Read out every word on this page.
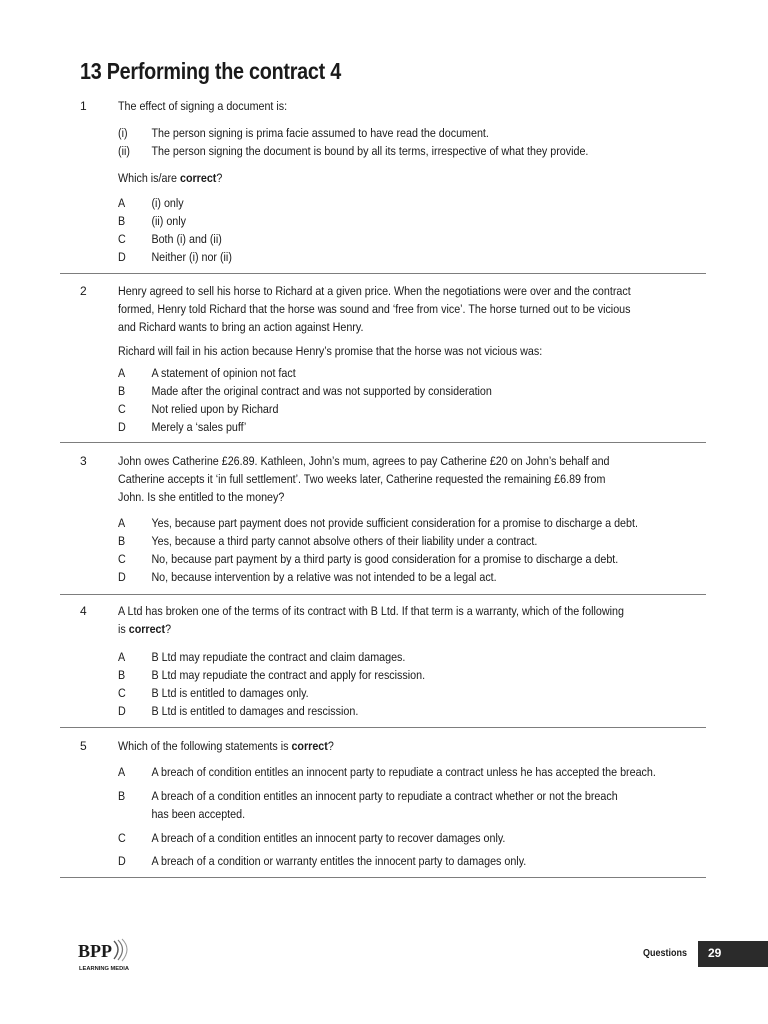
13 Performing the contract 4
1	The effect of signing a document is:
(i) The person signing is prima facie assumed to have read the document.
(ii) The person signing the document is bound by all its terms, irrespective of what they provide.
Which is/are correct?
A (i) only
B (ii) only
C Both (i) and (ii)
D Neither (i) nor (ii)
2	Henry agreed to sell his horse to Richard at a given price. When the negotiations were over and the contract
formed, Henry told Richard that the horse was sound and ‘free from vice’. The horse turned out to be vicious
and Richard wants to bring an action against Henry.
Richard will fail in his action because Henry’s promise that the horse was not vicious was:
A A statement of opinion not fact
B Made after the original contract and was not supported by consideration
C Not relied upon by Richard
D Merely a ‘sales puff’
3	John owes Catherine £26.89. Kathleen, John’s mum, agrees to pay Catherine £20 on John’s behalf and
Catherine accepts it ‘in full settlement’. Two weeks later, Catherine requested the remaining £6.89 from
John. Is she entitled to the money?
A Yes, because part payment does not provide sufficient consideration for a promise to discharge a debt.
B Yes, because a third party cannot absolve others of their liability under a contract.
C No, because part payment by a third party is good consideration for a promise to discharge a debt.
D No, because intervention by a relative was not intended to be a legal act.
4	A Ltd has broken one of the terms of its contract with B Ltd. If that term is a warranty, which of the following
is correct?
A B Ltd may repudiate the contract and claim damages.
B B Ltd may repudiate the contract and apply for rescission.
C B Ltd is entitled to damages only.
D B Ltd is entitled to damages and rescission.
5	Which of the following statements is correct?
A A breach of condition entitles an innocent party to repudiate a contract unless he has accepted the breach.
B A breach of a condition entitles an innocent party to repudiate a contract whether or not the breach
has been accepted.
C A breach of a condition entitles an innocent party to recover damages only.
D A breach of a condition or warranty entitles the innocent party to damages only.
BPP
LEARNING MEDIA
Questions 29
